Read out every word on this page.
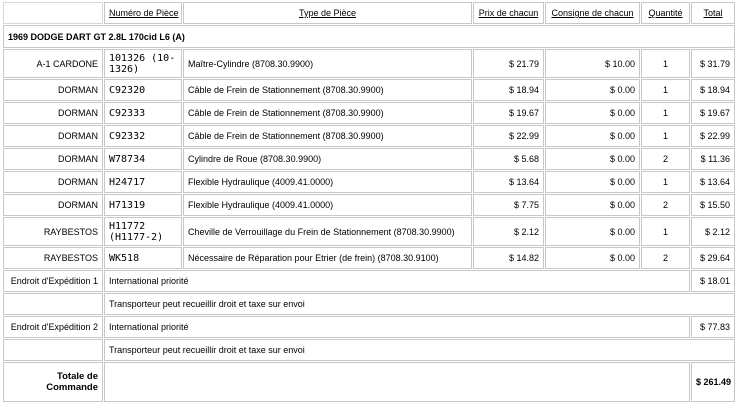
	Numéro de Pièce	Type de Pièce	Prix de chacun	Consigne de chacun	Quantité	Total
1969 DODGE DART GT 2.8L 170cid L6 (A)						
A-1 CARDONE	101326 (10-1326)	Maître-Cylindre (8708.30.9900)	$ 21.79	$ 10.00	1	$ 31.79
DORMAN	C92320	Câble de Frein de Stationnement (8708.30.9900)	$ 18.94	$ 0.00	1	$ 18.94
DORMAN	C92333	Câble de Frein de Stationnement (8708.30.9900)	$ 19.67	$ 0.00	1	$ 19.67
DORMAN	C92332	Câble de Frein de Stationnement (8708.30.9900)	$ 22.99	$ 0.00	1	$ 22.99
DORMAN	W78734	Cylindre de Roue (8708.30.9900)	$ 5.68	$ 0.00	2	$ 11.36
DORMAN	H24717	Flexible Hydraulique (4009.41.0000)	$ 13.64	$ 0.00	1	$ 13.64
DORMAN	H71319	Flexible Hydraulique (4009.41.0000)	$ 7.75	$ 0.00	2	$ 15.50
RAYBESTOS	H11772 (H1177-2)	Cheville de Verrouillage du Frein de Stationnement (8708.30.9900)	$ 2.12	$ 0.00	1	$ 2.12
RAYBESTOS	WK518	Nécessaire de Réparation pour Etrier (de frein) (8708.30.9100)	$ 14.82	$ 0.00	2	$ 29.64
Endroit d'Expédition 1	International priorité					$ 18.01
	Transporteur peut recueillir droit et taxe sur envoi					
Endroit d'Expédition 2	International priorité					$ 77.83
	Transporteur peut recueillir droit et taxe sur envoi					
Totale de Commande						$ 261.49
